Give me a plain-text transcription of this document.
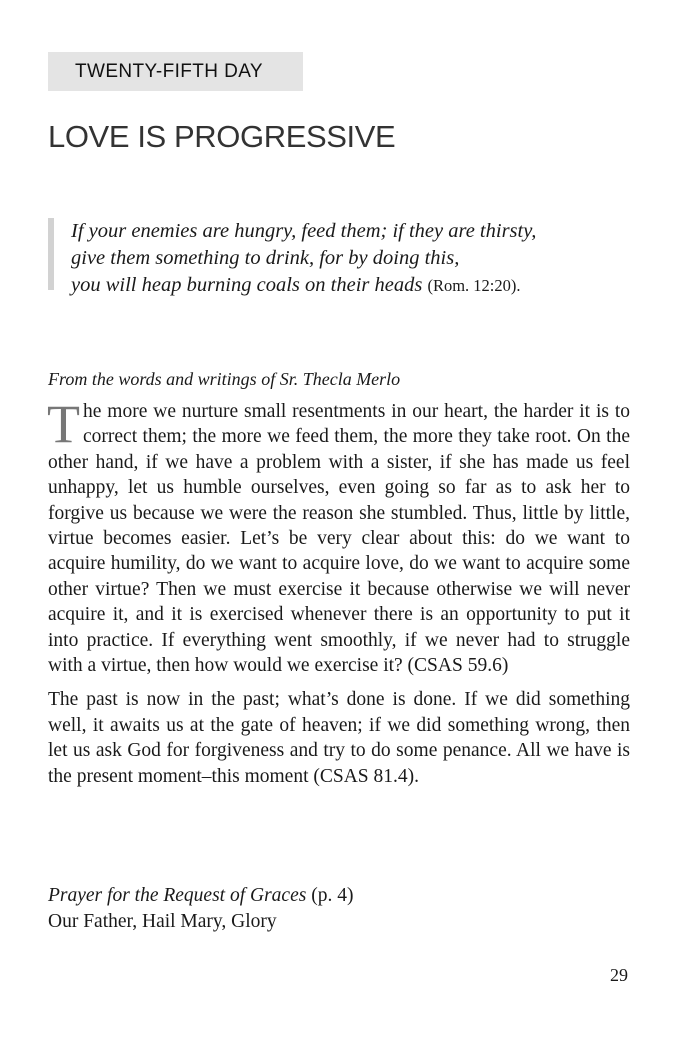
TWENTY-FIFTH DAY
LOVE IS PROGRESSIVE
If your enemies are hungry, feed them; if they are thirsty,
give them something to drink, for by doing this,
you will heap burning coals on their heads (Rom. 12:20).
From the words and writings of Sr. Thecla Merlo

The more we nurture small resentments in our heart, the harder it is to correct them; the more we feed them, the more they take root. On the other hand, if we have a problem with a sister, if she has made us feel unhappy, let us humble ourselves, even going so far as to ask her to forgive us because we were the reason she stumbled. Thus, little by little, virtue becomes easier. Let’s be very clear about this: do we want to acquire humility, do we want to acquire love, do we want to acquire some other virtue? Then we must exercise it because otherwise we will never acquire it, and it is exercised whenever there is an opportunity to put it into practice. If everything went smoothly, if we never had to struggle with a virtue, then how would we exercise it? (CSAS 59.6)

The past is now in the past; what’s done is done. If we did something well, it awaits us at the gate of heaven; if we did something wrong, then let us ask God for forgiveness and try to do some penance. All we have is the present moment–this moment (CSAS 81.4).

Prayer for the Request of Graces (p. 4)
Our Father, Hail Mary, Glory
29
